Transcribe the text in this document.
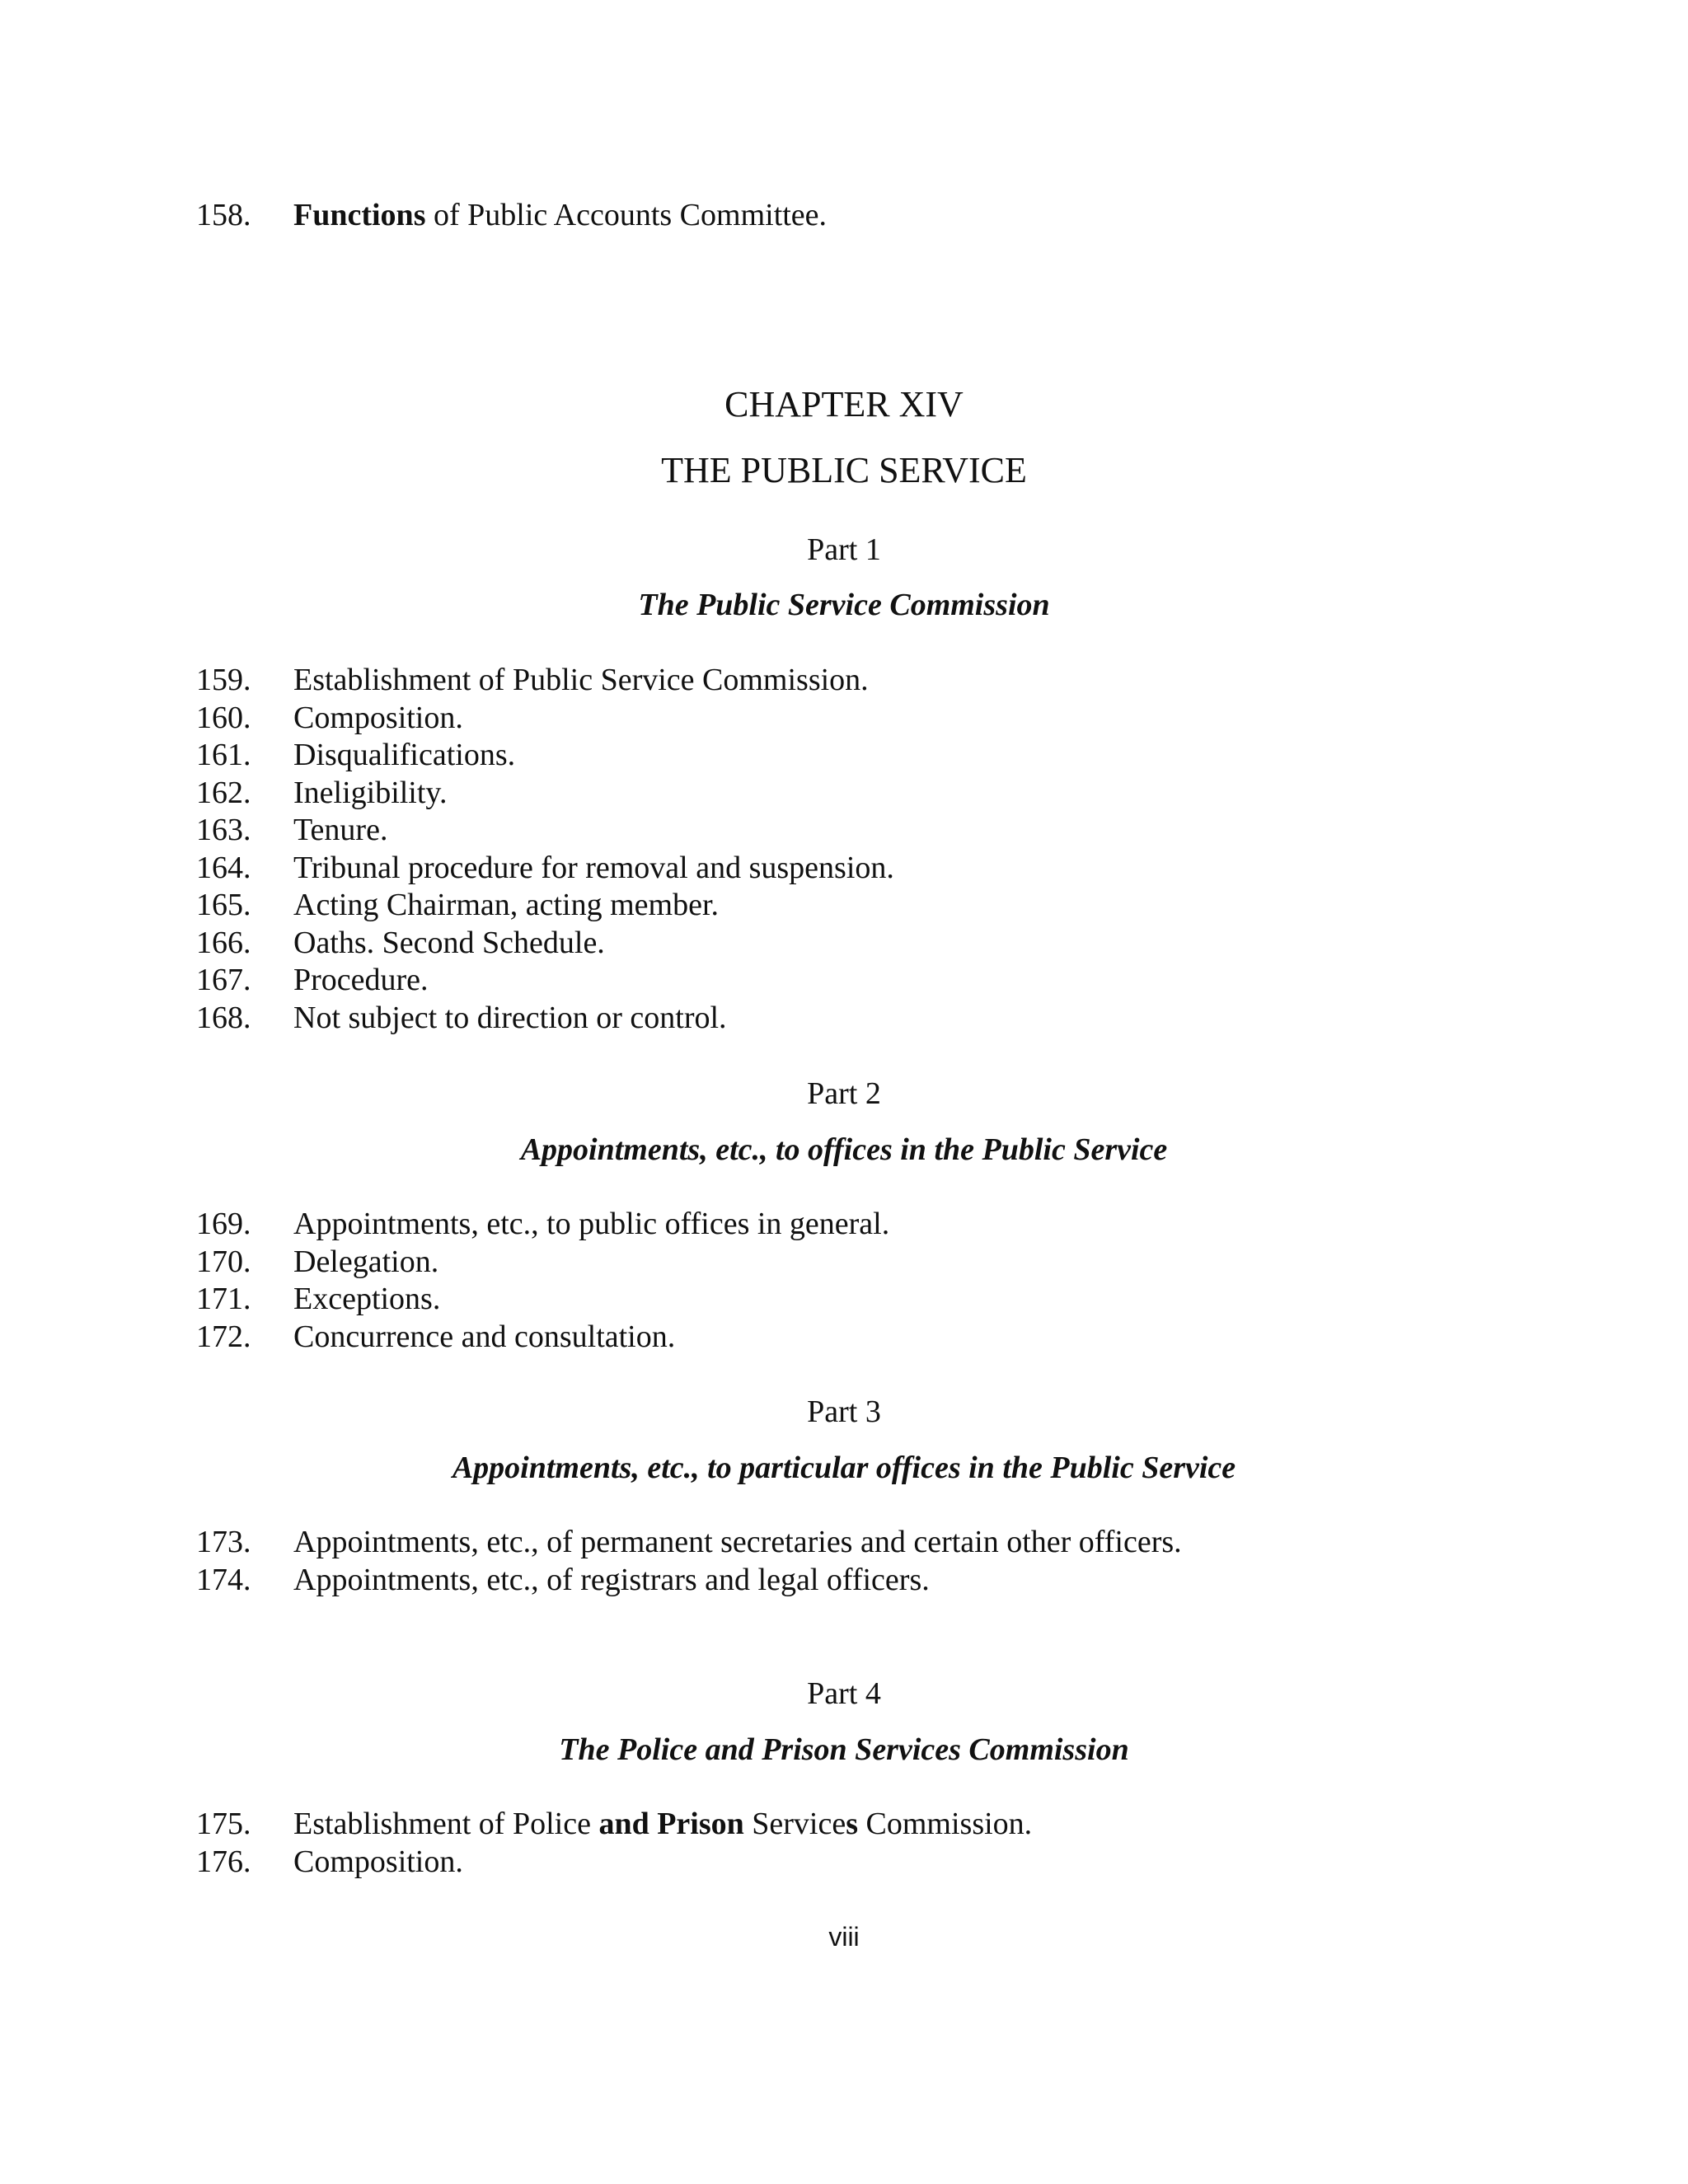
158. Functions of Public Accounts Committee.
CHAPTER XIV
THE PUBLIC SERVICE
Part 1
The Public Service Commission
159. Establishment of Public Service Commission.
160. Composition.
161. Disqualifications.
162. Ineligibility.
163. Tenure.
164. Tribunal procedure for removal and suspension.
165. Acting Chairman, acting member.
166. Oaths. Second Schedule.
167. Procedure.
168. Not subject to direction or control.
Part 2
Appointments, etc., to offices in the Public Service
169. Appointments, etc., to public offices in general.
170. Delegation.
171. Exceptions.
172. Concurrence and consultation.
Part 3
Appointments, etc., to particular offices in the Public Service
173. Appointments, etc., of permanent secretaries and certain other officers.
174. Appointments, etc., of registrars and legal officers.
Part 4
The Police and Prison Services Commission
175. Establishment of Police and Prison Services Commission.
176. Composition.
viii
